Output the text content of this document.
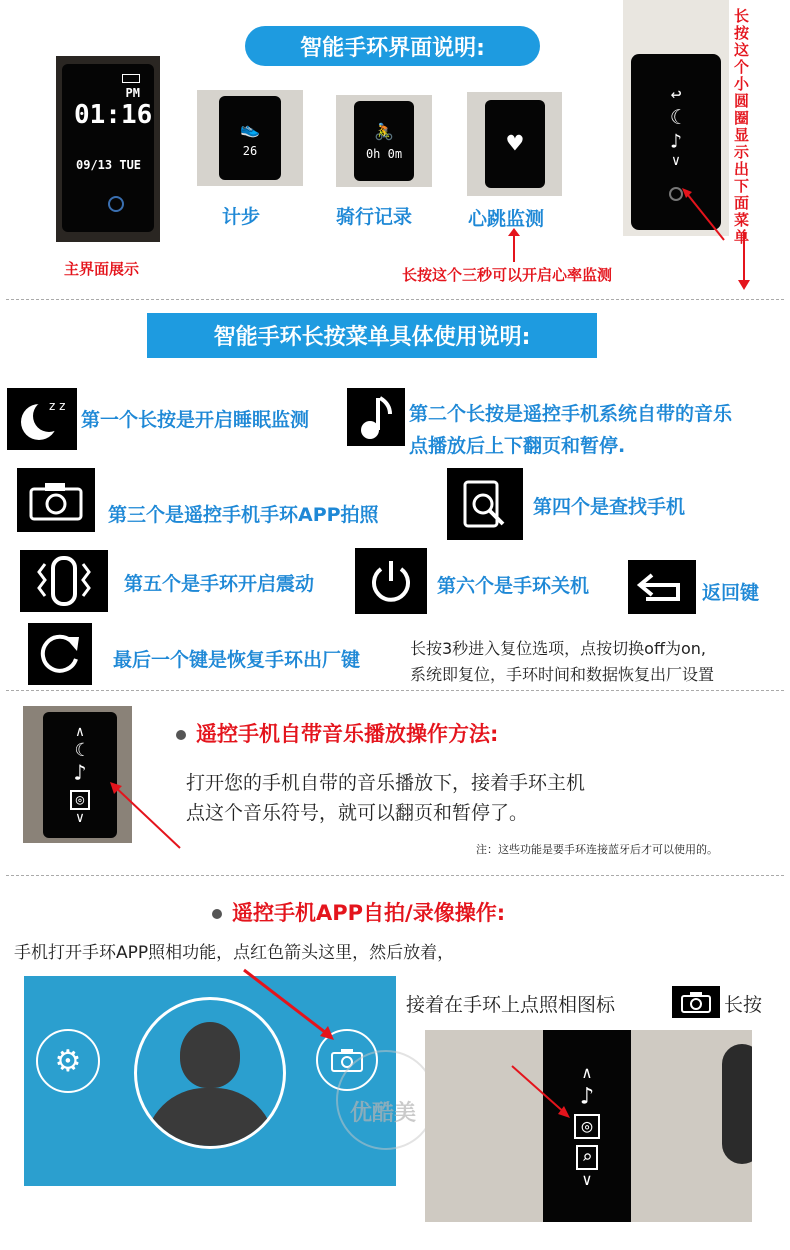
智能手环界面说明:
PM
01:16
09/13 TUE
主界面展示
👟
26
计步
🚴
0h 0m
骑行记录
♥
心跳监测
长按这个三秒可以开启心率监测
↩
☾
♪
∨
长按这个小圆圈显示出下面菜单
智能手环长按菜单具体使用说明:
z z
第一个长按是开启睡眠监测	第二个长按是遥控手机系统自带的音乐
点播放后上下翻页和暂停.
第三个是遥控手机手环APP拍照	第四个是查找手机
第五个是手环开启震动	第六个是手环关机	返回键
最后一个键是恢复手环出厂键
长按3秒进入复位选项，点按切换off为on,
系统即复位，手环时间和数据恢复出厂设置
∧
☾
♪
◎
∨
遥控手机自带音乐播放操作方法:
打开您的手机自带的音乐播放下，接着手环主机
点这个音乐符号，就可以翻页和暂停了。
注：这些功能是要手环连接蓝牙后才可以使用的。
遥控手机APP自拍/录像操作:
手机打开手环APP照相功能，点红色箭头这里，然后放着，
⚙
优酷美
接着在手环上点照相图标	长按
∧
♪
◎
⌕
∨
